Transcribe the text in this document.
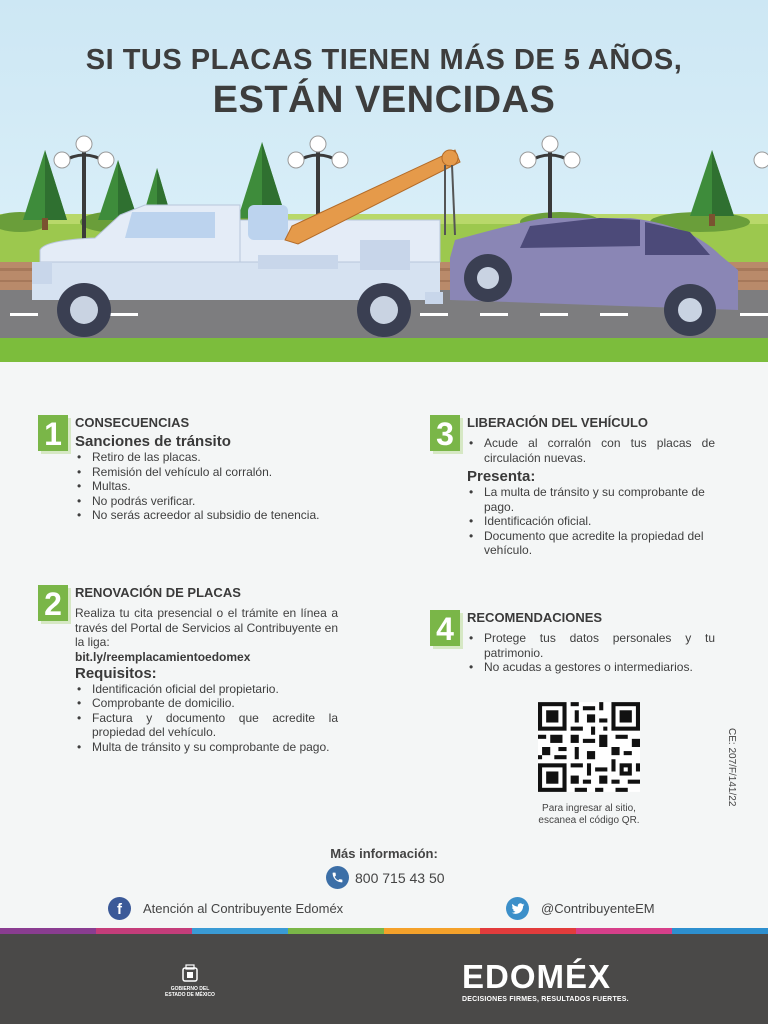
SI TUS PLACAS TIENEN MÁS DE 5 AÑOS,
ESTÁN VENCIDAS
1	CONSECUENCIAS
Sanciones de tránsito
• Retiro de las placas.
• Remisión del vehículo al corralón.
• Multas.
• No podrás verificar.
• No serás acreedor al subsidio de tenencia.
2	RENOVACIÓN DE PLACAS
Realiza tu cita presencial o el trámite en línea a través del Portal de Servicios al Contribuyente en la liga:
bit.ly/reemplacamientoedomex
Requisitos:
• Identificación oficial del propietario.
• Comprobante de domicilio.
• Factura y documento que acredite la propiedad del vehículo.
• Multa de tránsito y su comprobante de pago.
3	LIBERACIÓN DEL VEHÍCULO
• Acude al corralón con tus placas de circulación nuevas.
Presenta:
• La multa de tránsito y su comprobante de pago.
• Identificación oficial.
• Documento que acredite la propiedad del vehículo.
4	RECOMENDACIONES
• Protege tus datos personales y tu patrimonio.
• No acudas a gestores o intermediarios.
Para ingresar al sitio,
escanea el código QR.
CE: 207/F/141/22
Más información:
800 715 43 50
f Atención al Contribuyente Edoméx	@ContribuyenteEM
GOBIERNO DEL
ESTADO DE MÉXICO	EDOMÉX
DECISIONES FIRMES, RESULTADOS FUERTES.
